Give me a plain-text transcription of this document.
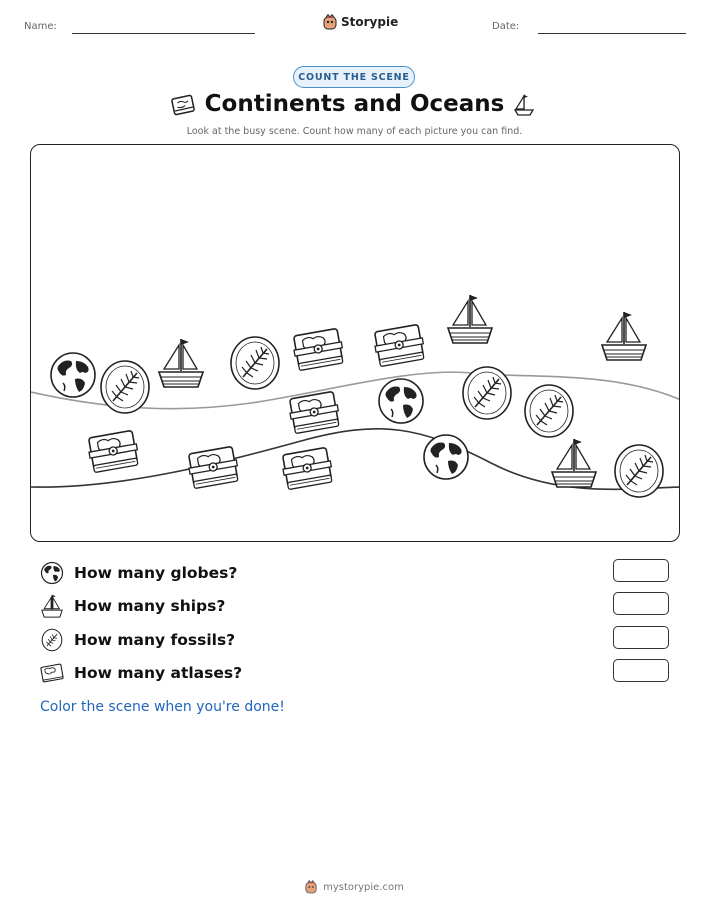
Name:	Storypie	Date:
COUNT THE SCENE
Continents and Oceans
Look at the busy scene. Count how many of each picture you can find.
How many globes?
How many ships?
How many fossils?
How many atlases?
Color the scene when you're done!
mystorypie.com
